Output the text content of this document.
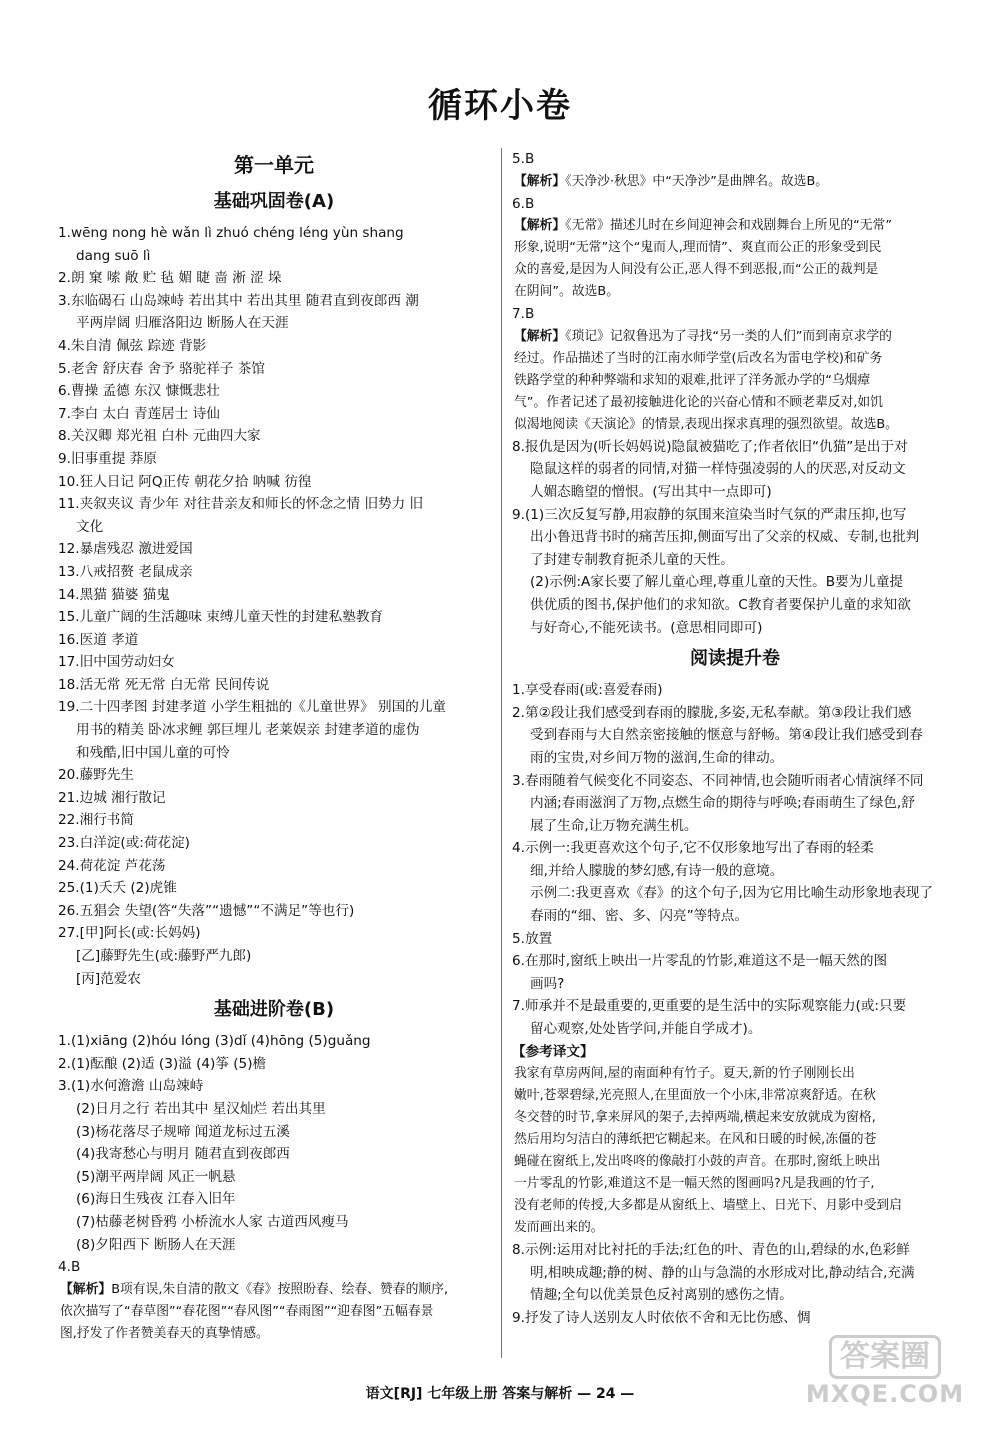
循环小卷
第一单元
基础巩固卷(A)
1.wēng nong hè wǎn lì zhuó chéng léng yùn shang
dang suō lì
2.朗 窠 嗦 敞 贮 毡 媚 睫 啬 淅 涩 垛
3.东临碣石 山岛竦峙 若出其中 若出其里 随君直到夜郎西 潮
平两岸阔 归雁洛阳边 断肠人在天涯
4.朱自清 佩弦 踪迹 背影
5.老舍 舒庆春 舍予 骆驼祥子 茶馆
6.曹操 孟德 东汉 慷慨悲壮
7.李白 太白 青莲居士 诗仙
8.关汉卿 郑光祖 白朴 元曲四大家
9.旧事重提 莽原
10.狂人日记 阿Q正传 朝花夕拾 呐喊 彷徨
11.夹叙夹议 青少年 对往昔亲友和师长的怀念之情 旧势力 旧
文化
12.暴虐残忍 激进爱国
13.八戒招赘 老鼠成亲
14.黑猫 猫婆 猫鬼
15.儿童广阔的生活趣味 束缚儿童天性的封建私塾教育
16.医道 孝道
17.旧中国劳动妇女
18.活无常 死无常 白无常 民间传说
19.二十四孝图 封建孝道 小学生粗拙的《儿童世界》 别国的儿童
用书的精美 卧冰求鲤 郭巨埋儿 老莱娱亲 封建孝道的虚伪
和残酷,旧中国儿童的可怜
20.藤野先生
21.边城 湘行散记
22.湘行书简
23.白洋淀(或:荷花淀)
24.荷花淀 芦花荡
25.(1)夭夭 (2)虎锥
26.五猖会 失望(答“失落”“遗憾”“不满足”等也行)
27.[甲]阿长(或:长妈妈)
[乙]藤野先生(或:藤野严九郎)
[丙]范爱农
基础进阶卷(B)
1.(1)xiāng (2)hóu lóng (3)dǐ (4)hōng (5)guǎng
2.(1)酝酿 (2)适 (3)溢 (4)筝 (5)檐
3.(1)水何澹澹 山岛竦峙
(2)日月之行 若出其中 星汉灿烂 若出其里
(3)杨花落尽子规啼 闻道龙标过五溪
(4)我寄愁心与明月 随君直到夜郎西
(5)潮平两岸阔 风正一帆悬
(6)海日生残夜 江春入旧年
(7)枯藤老树昏鸦 小桥流水人家 古道西风瘦马
(8)夕阳西下 断肠人在天涯
4.B
【解析】B项有误,朱自清的散文《春》按照盼春、绘春、赞春的顺序,
依次描写了“春草图”“春花图”“春风图”“春雨图”“迎春图”五幅春景
图,抒发了作者赞美春天的真挚情感。
5.B
【解析】《天净沙·秋思》中“天净沙”是曲牌名。故选B。
6.B
【解析】《无常》描述儿时在乡间迎神会和戏剧舞台上所见的“无常”
形象,说明“无常”这个“鬼而人,理而情”、爽直而公正的形象受到民
众的喜爱,是因为人间没有公正,恶人得不到恶报,而“公正的裁判是
在阴间”。故选B。
7.B
【解析】《琐记》记叙鲁迅为了寻找“另一类的人们”而到南京求学的
经过。作品描述了当时的江南水师学堂(后改名为雷电学校)和矿务
铁路学堂的种种弊端和求知的艰难,批评了洋务派办学的“乌烟瘴
气”。作者记述了最初接触进化论的兴奋心情和不顾老辈反对,如饥
似渴地阅读《天演论》的情景,表现出探求真理的强烈欲望。故选B。
8.报仇是因为(听长妈妈说)隐鼠被猫吃了;作者依旧“仇猫”是出于对
隐鼠这样的弱者的同情,对猫一样恃强凌弱的人的厌恶,对反动文
人媚态瞻望的憎恨。(写出其中一点即可)
9.(1)三次反复写静,用寂静的氛围来渲染当时气氛的严肃压抑,也写
出小鲁迅背书时的痛苦压抑,侧面写出了父亲的权威、专制,也批判
了封建专制教育扼杀儿童的天性。
(2)示例:A家长要了解儿童心理,尊重儿童的天性。B要为儿童提
供优质的图书,保护他们的求知欲。C教育者要保护儿童的求知欲
与好奇心,不能死读书。(意思相同即可)
阅读提升卷
1.享受春雨(或:喜爱春雨)
2.第②段让我们感受到春雨的朦胧,多姿,无私奉献。第③段让我们感
受到春雨与大自然亲密接触的惬意与舒畅。第④段让我们感受到春
雨的宝贵,对乡间万物的滋润,生命的律动。
3.春雨随着气候变化不同姿态、不同神情,也会随听雨者心情演绎不同
内涵;春雨滋润了万物,点燃生命的期待与呼唤;春雨萌生了绿色,舒
展了生命,让万物充满生机。
4.示例一:我更喜欢这个句子,它不仅形象地写出了春雨的轻柔
细,并给人朦胧的梦幻感,有诗一般的意境。
示例二:我更喜欢《春》的这个句子,因为它用比喻生动形象地表现了
春雨的“细、密、多、闪亮”等特点。
5.放置
6.在那时,窗纸上映出一片零乱的竹影,难道这不是一幅天然的图
画吗?
7.师承并不是最重要的,更重要的是生活中的实际观察能力(或:只要
留心观察,处处皆学问,并能自学成才)。
【参考译文】
我家有草房两间,屋的南面种有竹子。夏天,新的竹子刚刚长出
嫩叶,苍翠碧绿,光亮照人,在里面放一个小床,非常凉爽舒适。在秋
冬交替的时节,拿来屏风的架子,去掉两端,横起来安放就成为窗格,
然后用均匀洁白的薄纸把它糊起来。在风和日暖的时候,冻僵的苍
蝇碰在窗纸上,发出咚咚的像敲打小鼓的声音。在那时,窗纸上映出
一片零乱的竹影,难道这不是一幅天然的图画吗?凡是我画的竹子,
没有老师的传授,大多都是从窗纸上、墙壁上、日光下、月影中受到启
发而画出来的。
8.示例:运用对比衬托的手法;红色的叶、青色的山,碧绿的水,色彩鲜
明,相映成趣;静的树、静的山与急湍的水形成对比,静动结合,充满
情趣;全句以优美景色反衬离别的感伤之情。
9.抒发了诗人送别友人时依依不舍和无比伤感、惆
语文[RJ] 七年级上册 答案与解析 — 24 —
答案圈
MXQE.COM
